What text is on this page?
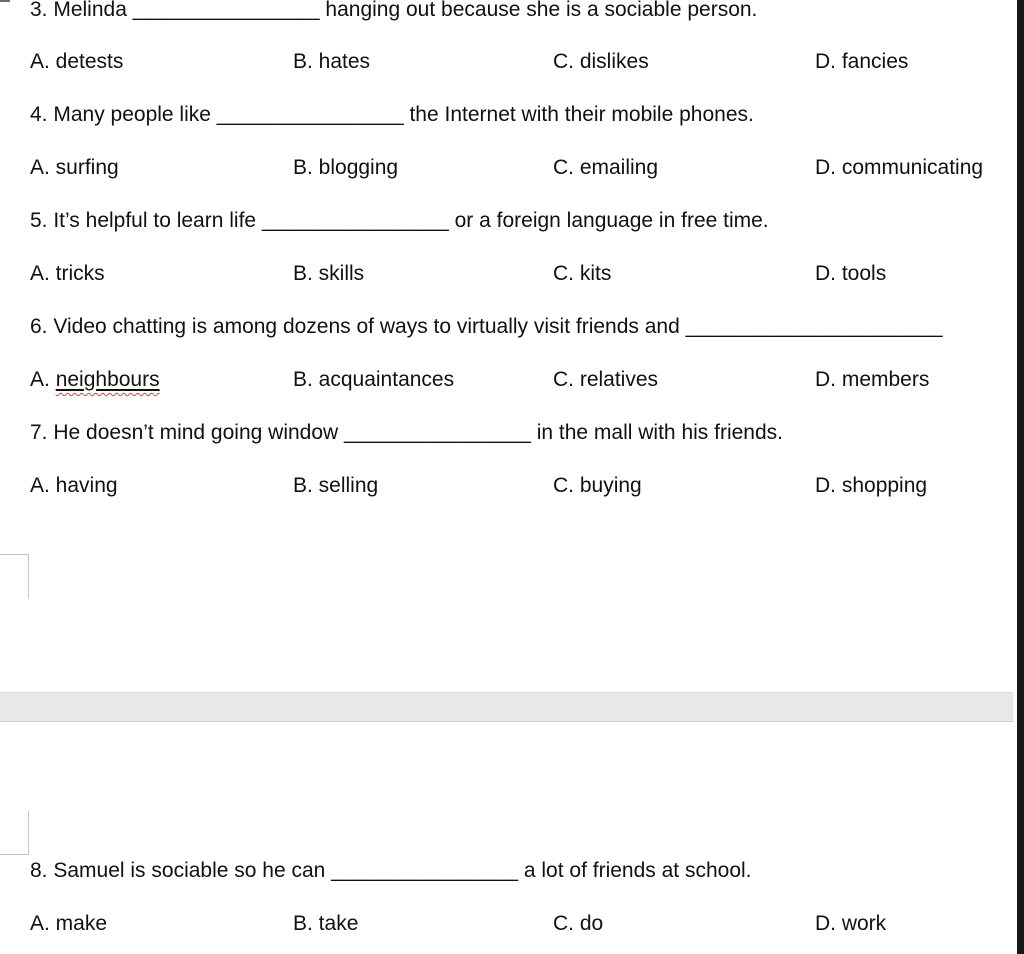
3. Melinda ________________ hanging out because she is a sociable person.

A. detests

	B. hates

	C. dislikes

	D. fancies

4. Many people like ________________ the Internet with their mobile phones.

A. surfing

	B. blogging

	C. emailing

	D. communicating

5. It’s helpful to learn life ________________ or a foreign language in free time.

A. tricks

	B. skills

	C. kits

	D. tools

6. Video chatting is among dozens of ways to virtually visit friends and ______________________

A. neighbours

	B. acquaintances

	C. relatives

	D. members

7. He doesn’t mind going window ________________ in the mall with his friends.

A. having

	B. selling

	C. buying

	D. shopping

8. Samuel is sociable so he can ________________ a lot of friends at school.

A. make

	B. take

	C. do

	D. work
